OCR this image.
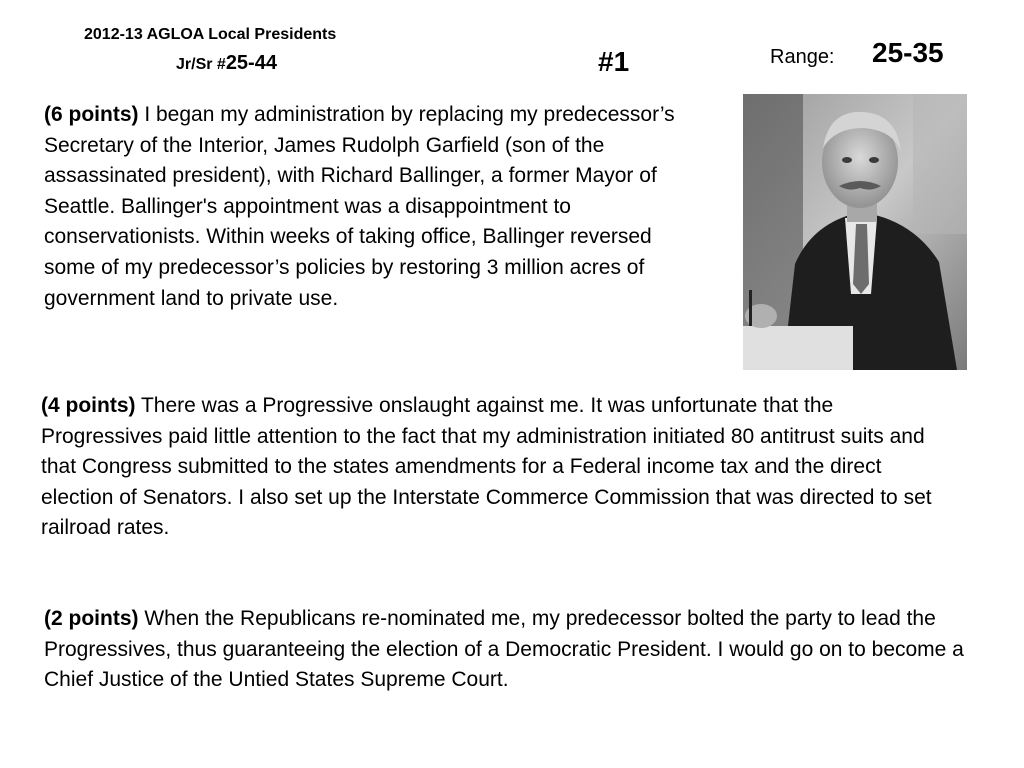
2012-13 AGLOA Local Presidents
Jr/Sr #25-44	#1	Range: 25-35

(6 points) I began my administration by replacing my predecessor’s Secretary of the Interior, James Rudolph Garfield (son of the assassinated president), with Richard Ballinger, a former Mayor of Seattle. Ballinger's appointment was a disappointment to conservationists. Within weeks of taking office, Ballinger reversed some of my predecessor’s policies by restoring 3 million acres of government land to private use.

(4 points) There was a Progressive onslaught against me. It was unfortunate that the Progressives paid little attention to the fact that my administration initiated 80 antitrust suits and that Congress submitted to the states amendments for a Federal income tax and the direct election of Senators. I also set up the Interstate Commerce Commission that was directed to set railroad rates.

(2 points) When the Republicans re-nominated me, my predecessor bolted the party to lead the Progressives, thus guaranteeing the election of a Democratic President. I would go on to become a Chief Justice of the Untied States Supreme Court.
